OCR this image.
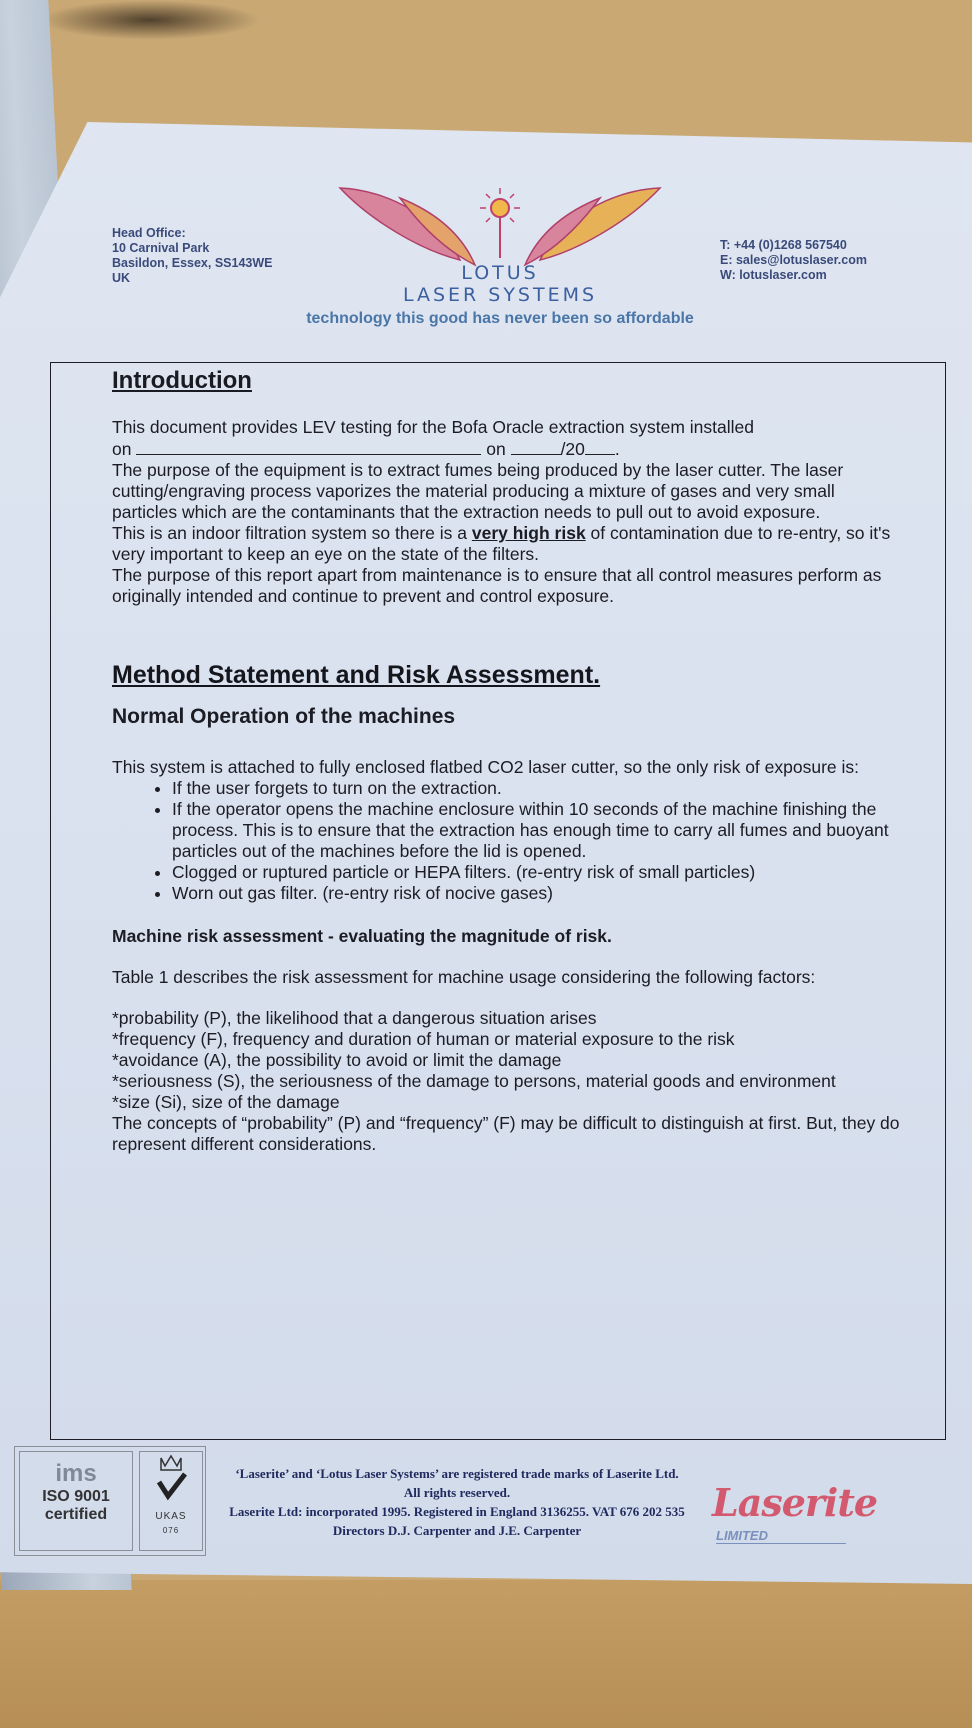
Head Office:
10 Carnival Park
Basildon, Essex, SS143WE
UK	LOTUS
LASER SYSTEMS
T: +44 (0)1268 567540
E: sales@lotuslaser.com
W: lotuslaser.com
technology this good has never been so affordable
Introduction

This document provides LEV testing for the Bofa Oracle extraction system installed

on	on	/20 .

The purpose of the equipment is to extract fumes being produced by the laser cutter. The laser cutting/engraving process vaporizes the material producing a mixture of gases and very small particles which are the contaminants that the extraction needs to pull out to avoid exposure.

This is an indoor filtration system so there is a very high risk of contamination due to re-entry, so it's very important to keep an eye on the state of the filters.

The purpose of this report apart from maintenance is to ensure that all control measures perform as originally intended and continue to prevent and control exposure.

Method Statement and Risk Assessment.
Normal Operation of the machines

This system is attached to fully enclosed flatbed CO2 laser cutter, so the only risk of exposure is:

• If the user forgets to turn on the extraction.
• If the operator opens the machine enclosure within 10 seconds of the machine finishing the process. This is to ensure that the extraction has enough time to carry all fumes and buoyant particles out of the machines before the lid is opened.
• Clogged or ruptured particle or HEPA filters. (re-entry risk of small particles)
• Worn out gas filter. (re-entry risk of nocive gases)
Machine risk assessment - evaluating the magnitude of risk.

Table 1 describes the risk assessment for machine usage considering the following factors:

*probability (P), the likelihood that a dangerous situation arises

*frequency (F), frequency and duration of human or material exposure to the risk

*avoidance (A), the possibility to avoid or limit the damage

*seriousness (S), the seriousness of the damage to persons, material goods and environment

*size (Si), size of the damage

The concepts of “probability” (P) and “frequency” (F) may be difficult to distinguish at first. But, they do represent different considerations.

ims
ISO 9001
certified	UKAS
076
‘Laserite’ and ‘Lotus Laser Systems’ are registered trade marks of Laserite Ltd.
All rights reserved.
Laserite Ltd: incorporated 1995. Registered in England 3136255. VAT 676 202 535
Directors D.J. Carpenter and J.E. Carpenter
Laserite
LIMITED
